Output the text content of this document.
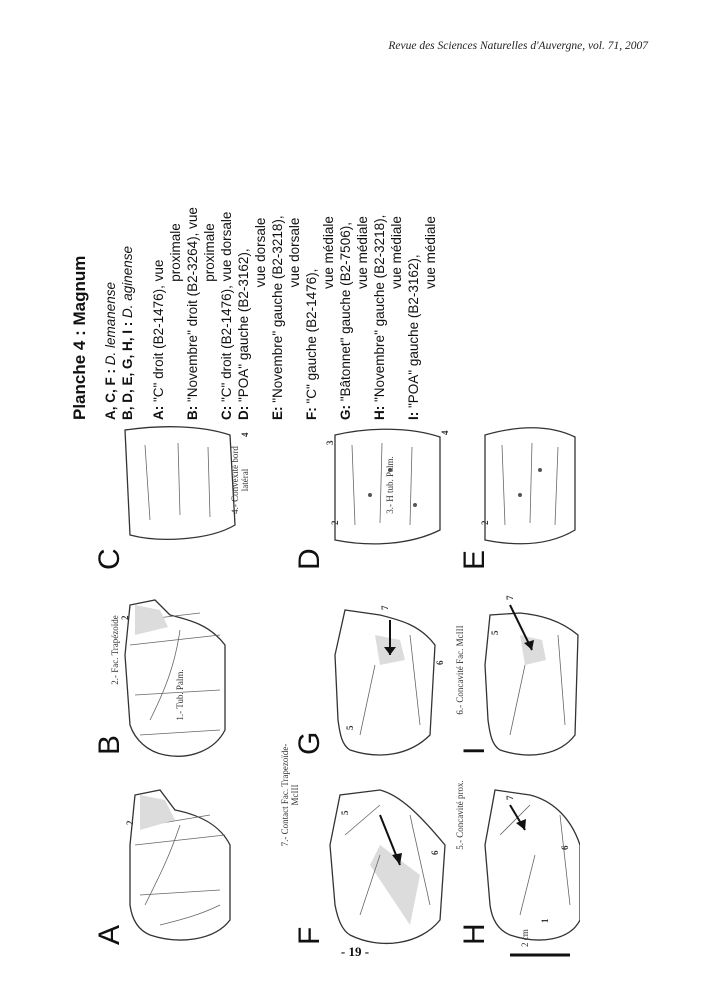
Revue des Sciences Naturelles d'Auvergne, vol. 71, 2007
A
B
C	D	E
F
G
H
I
2 cm
1.- Tub. Palm.
2.- Fac. Trapézoïde
3.- H tub. Palm.
4.- Convexité bord latéral
5.- Concavité prox.
6.- Concavité Fac. McIII
7.- Contact Fac. Trapezoïde-McIII
1
2
2
2	2
3
4	4
5
5
5
6
6
6
7
7
7
Planche 4 : Magnum A, C, F : D. lemanense B, D, E, G, H, I : D. aginense
A: "C" droit (B2-1476), vue
proximale
B: "Novembre" droit (B2-3264), vue proximale
C: "C" droit (B2-1476), vue dorsale
D: "POA" gauche (B2-3162), vue dorsale
E: "Novembre" gauche (B2-3218), vue dorsale
F: "C" gauche (B2-1476),
vue médiale
G: "Bâtonnet" gauche (B2-7506), vue médiale
H: "Novembre" gauche (B2-3218), vue médiale
I: "POA" gauche (B2-3162),
vue médiale
- 19 -
